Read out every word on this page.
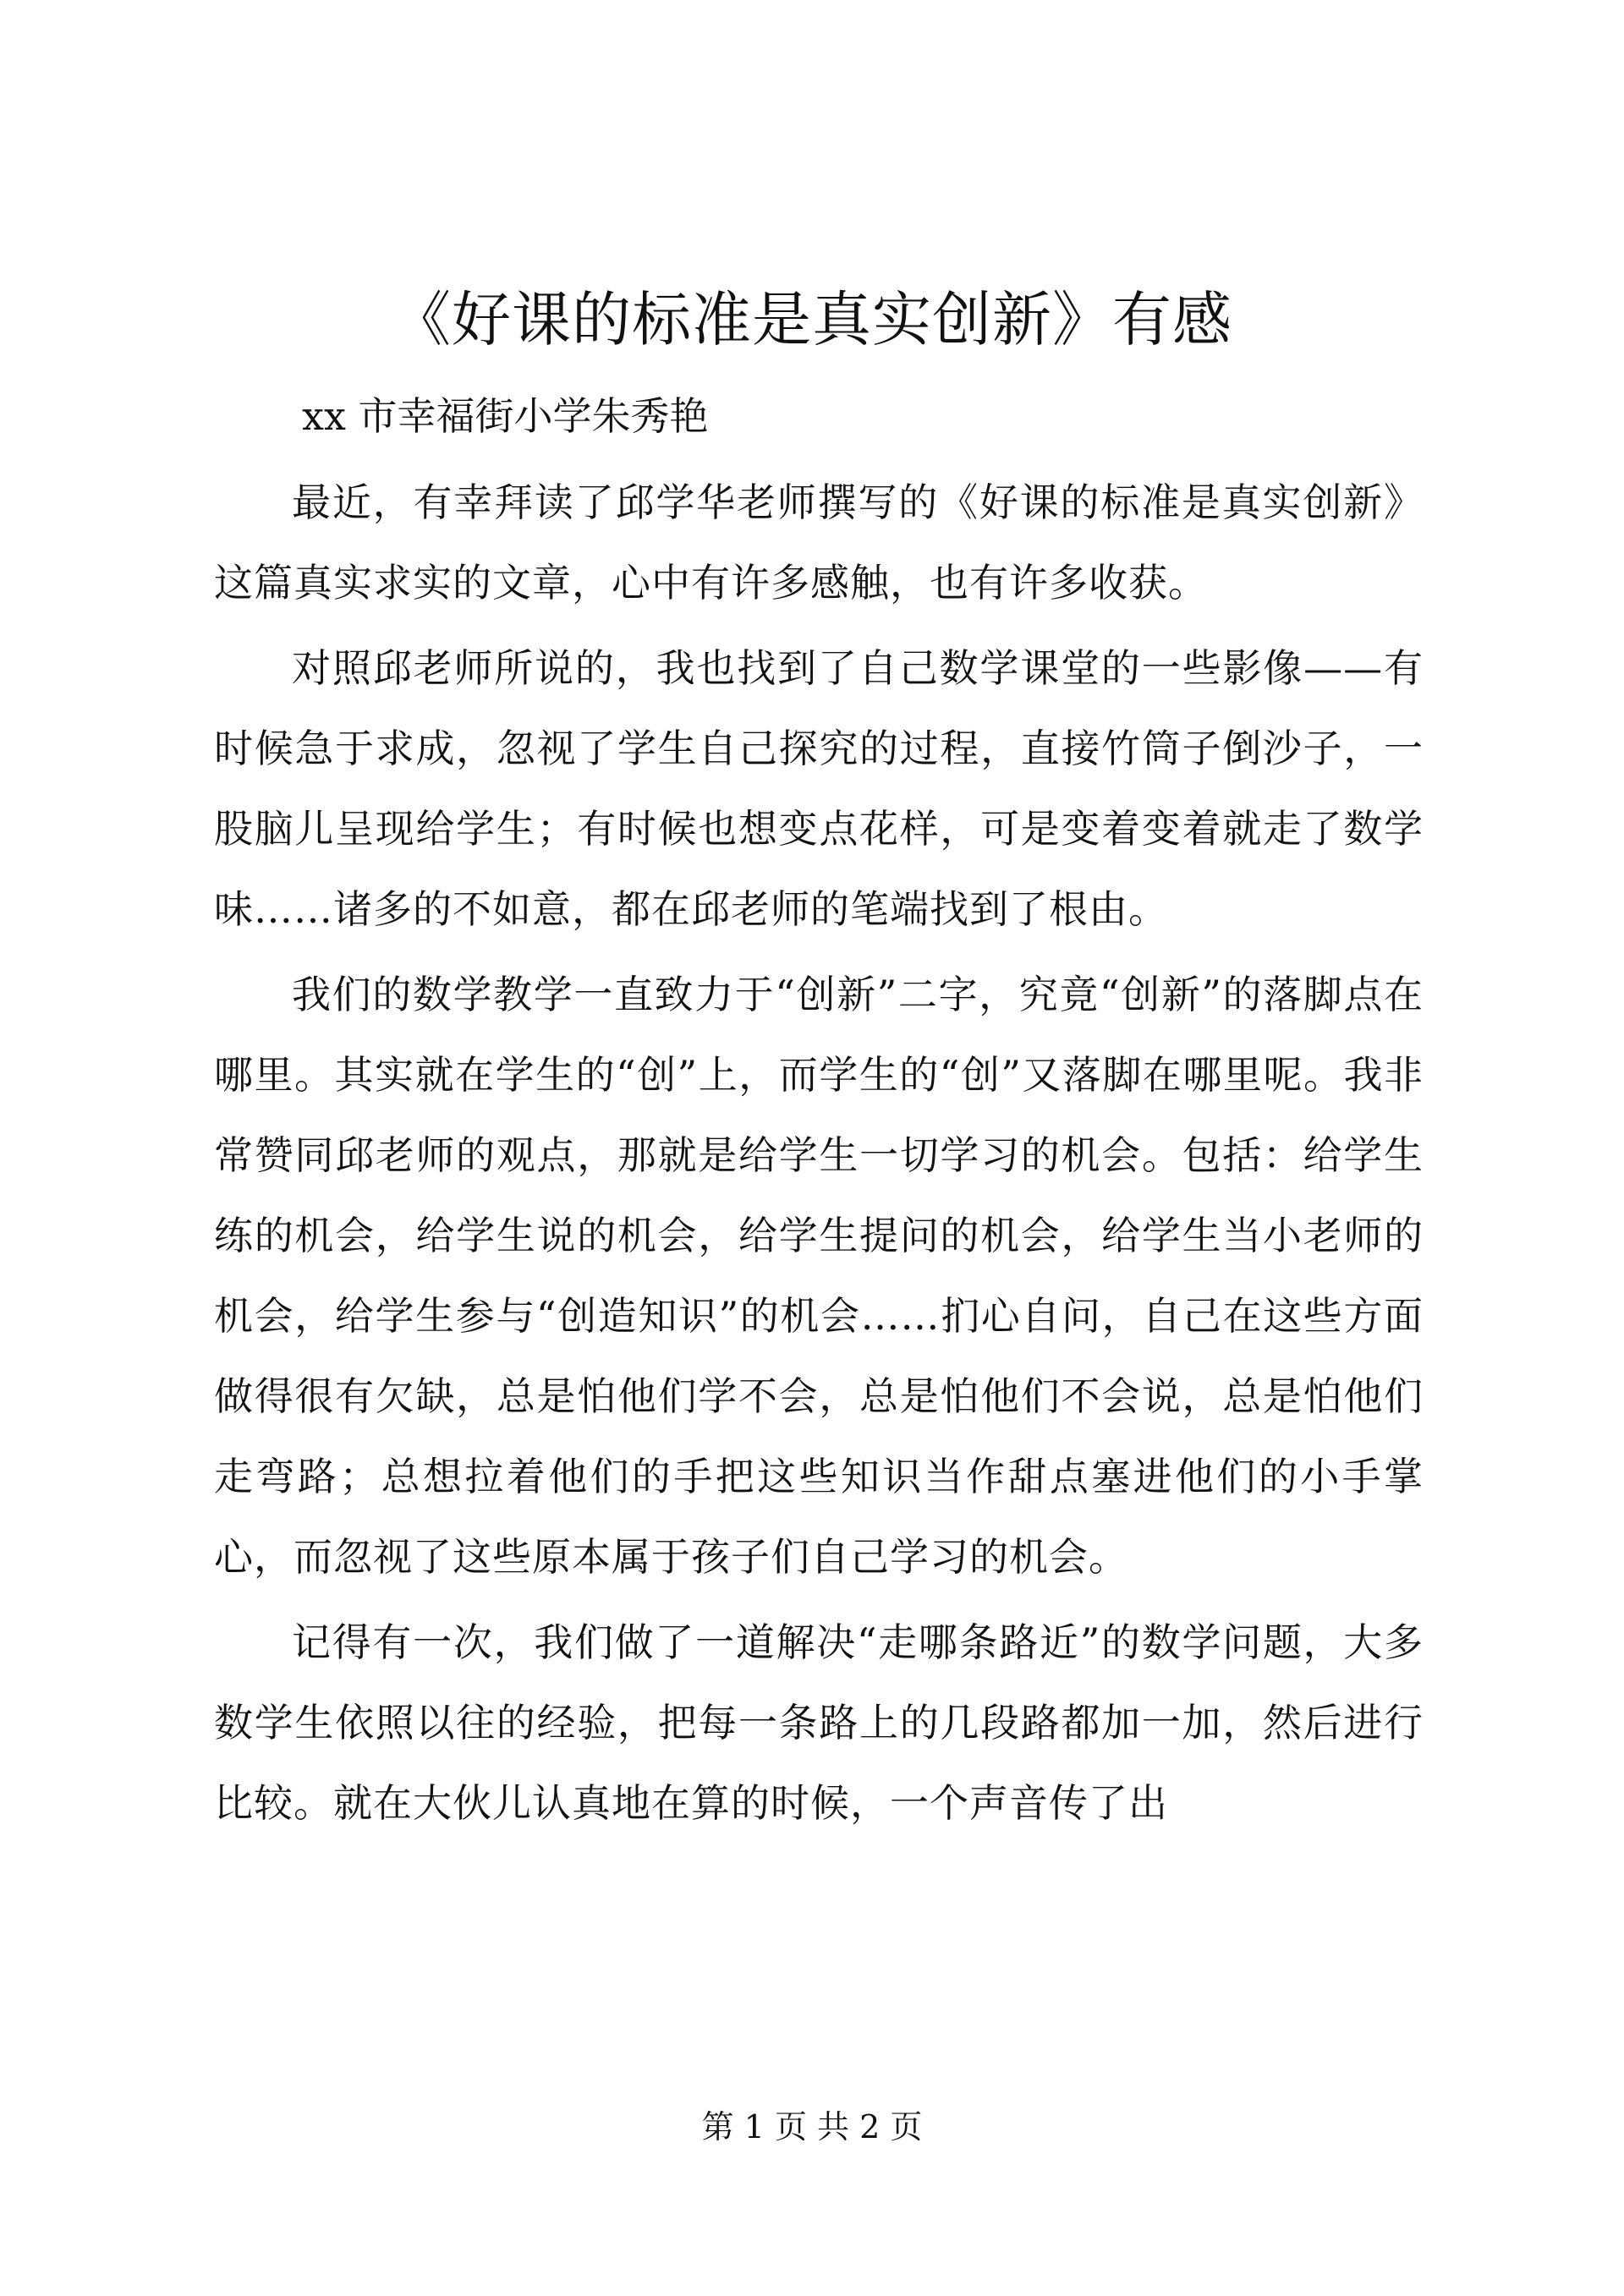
《好课的标准是真实创新》有感
xx 市幸福街小学朱秀艳

最近，有幸拜读了邱学华老师撰写的《好课的标准是真实创新》这篇真实求实的文章，心中有许多感触，也有许多收获。

对照邱老师所说的，我也找到了自己数学课堂的一些影像——有时候急于求成，忽视了学生自己探究的过程，直接竹筒子倒沙子，一股脑儿呈现给学生；有时候也想变点花样，可是变着变着就走了数学味……诸多的不如意，都在邱老师的笔端找到了根由。

我们的数学教学一直致力于“创新”二字，究竟“创新”的落脚点在哪里。其实就在学生的“创”上，而学生的“创”又落脚在哪里呢。我非常赞同邱老师的观点，那就是给学生一切学习的机会。包括：给学生练的机会，给学生说的机会，给学生提问的机会，给学生当小老师的机会，给学生参与“创造知识”的机会……扪心自问，自己在这些方面做得很有欠缺，总是怕他们学不会，总是怕他们不会说，总是怕他们走弯路；总想拉着他们的手把这些知识当作甜点塞进他们的小手掌心，而忽视了这些原本属于孩子们自己学习的机会。

记得有一次，我们做了一道解决“走哪条路近”的数学问题，大多数学生依照以往的经验，把每一条路上的几段路都加一加，然后进行比较。就在大伙儿认真地在算的时候，一个声音传了出

第 1 页 共 2 页
